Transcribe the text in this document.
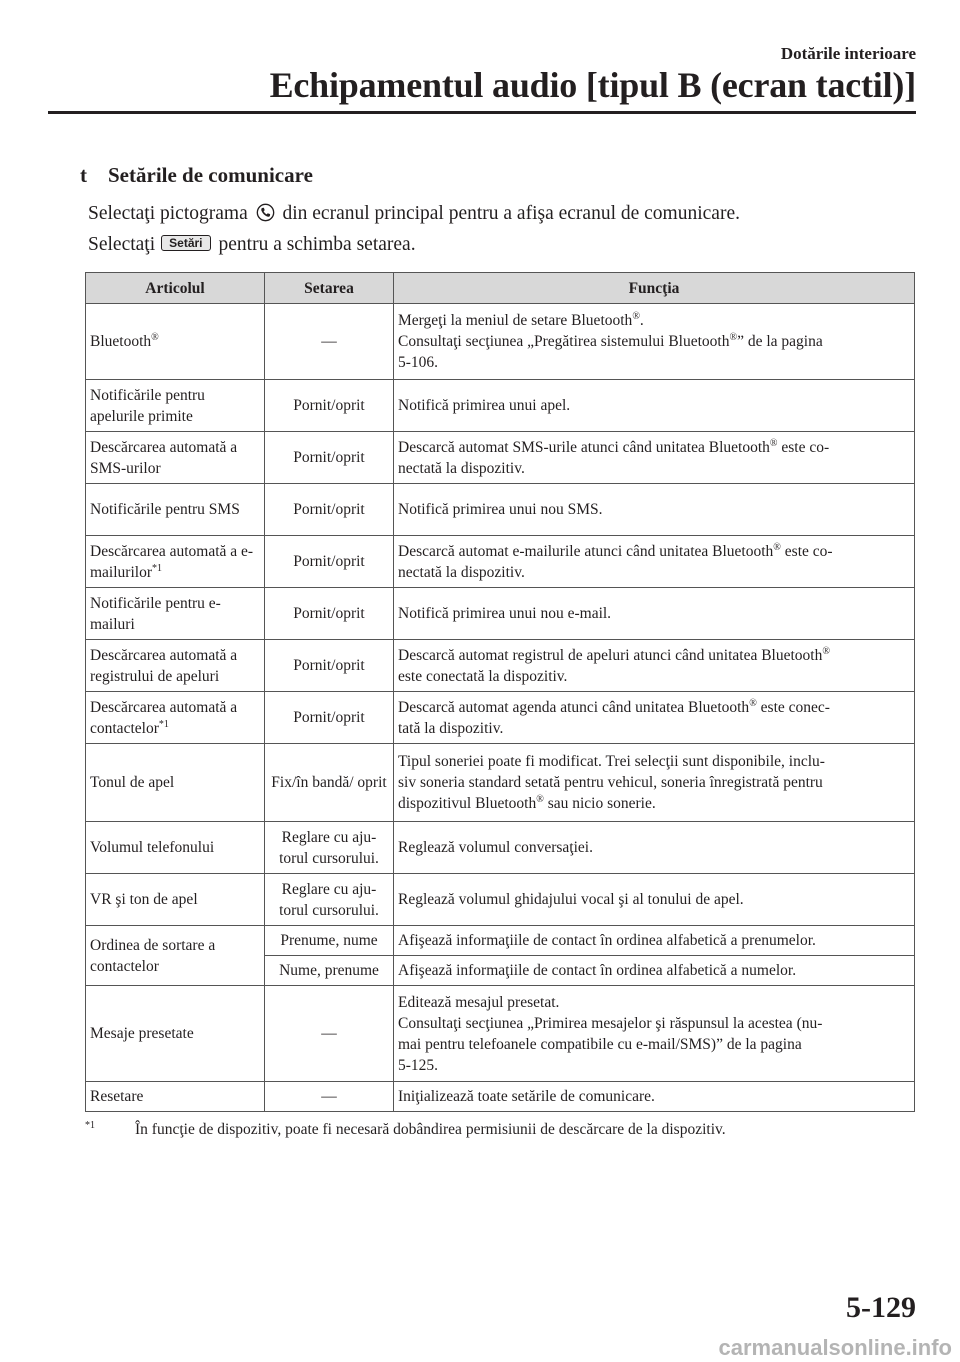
Dotările interioare
Echipamentul audio [tipul B (ecran tactil)]
t Setările de comunicare
Selectaţi pictograma din ecranul principal pentru a afişa ecranul de comunicare.
Selectaţi Setări pentru a schimba setarea.
Articolul	Setarea	Funcţia
Bluetooth®	—	Mergeţi la meniul de setare Bluetooth®.
Consultaţi secţiunea „Pregătirea sistemului Bluetooth®” de la pagina
5-106.
Notificările pentru apelurile primite	Pornit/oprit	Notifică primirea unui apel.
Descărcarea automată a SMS-urilor	Pornit/oprit	Descarcă automat SMS-urile atunci când unitatea Bluetooth® este co-
nectată la dispozitiv.
Notificările pentru SMS	Pornit/oprit	Notifică primirea unui nou SMS.
Descărcarea automată a e-mailurilor$^{*1}$	Pornit/oprit	Descarcă automat e-mailurile atunci când unitatea Bluetooth® este co-
nectată la dispozitiv.
Notificările pentru e-mailuri	Pornit/oprit	Notifică primirea unui nou e-mail.
Descărcarea automată a registrului de apeluri	Pornit/oprit	Descarcă automat registrul de apeluri atunci când unitatea Bluetooth®
este conectată la dispozitiv.
Descărcarea automată a contactelor$^{*1}$	Pornit/oprit	Descarcă automat agenda atunci când unitatea Bluetooth® este conec-
tată la dispozitiv.
Tonul de apel	Fix/în bandă/ oprit	Tipul soneriei poate fi modificat. Trei selecţii sunt disponibile, inclu-
siv soneria standard setată pentru vehicul, soneria înregistrată pentru
dispozitivul Bluetooth® sau nicio sonerie.
Volumul telefonului	Reglare cu aju- torul cursorului.	Reglează volumul conversaţiei.
VR şi ton de apel	Reglare cu aju- torul cursorului.	Reglează volumul ghidajului vocal şi al tonului de apel.
Ordinea de sortare a contactelor	Prenume, nume	Afişează informaţiile de contact în ordinea alfabetică a prenumelor.
	Nume, prenume	Afişează informaţiile de contact în ordinea alfabetică a numelor.
Mesaje presetate	—	Editează mesajul presetat.
Consultaţi secţiunea „Primirea mesajelor şi răspunsul la acestea (nu-
mai pentru telefoanele compatibile cu e-mail/SMS)” de la pagina
5-125.
Resetare	—	Iniţializează toate setările de comunicare.
$^{*1}$	În funcţie de dispozitiv, poate fi necesară dobândirea permisiunii de descărcare de la dispozitiv.
5-129
carmanualsonline.info
